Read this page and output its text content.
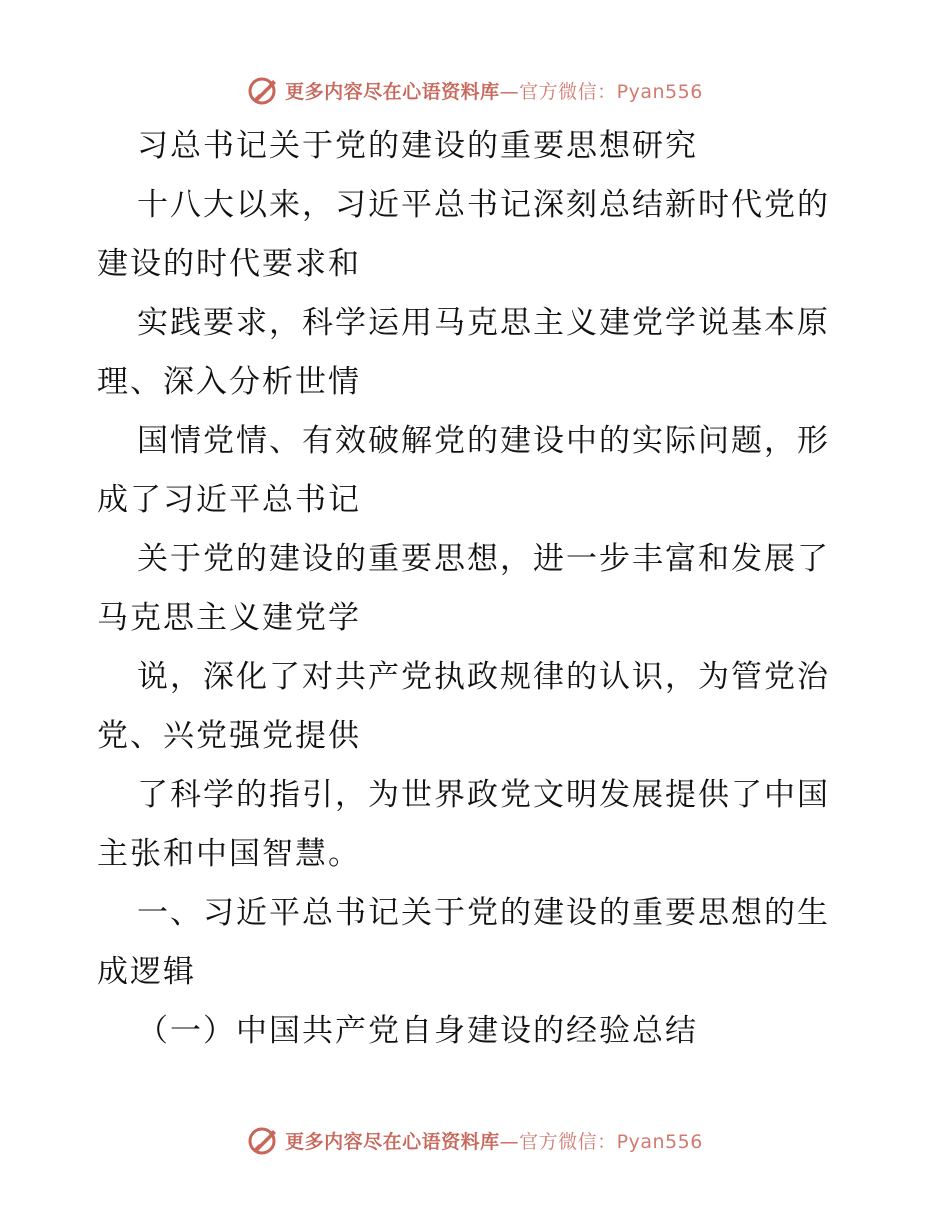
更多内容尽在心语资料库—官方微信：Pyan556
习总书记关于党的建设的重要思想研究
十八大以来，习近平总书记深刻总结新时代党的
建设的时代要求和
实践要求，科学运用马克思主义建党学说基本原
理、深入分析世情
国情党情、有效破解党的建设中的实际问题，形
成了习近平总书记
关于党的建设的重要思想，进一步丰富和发展了
马克思主义建党学
说，深化了对共产党执政规律的认识，为管党治
党、兴党强党提供
了科学的指引，为世界政党文明发展提供了中国
主张和中国智慧。
一、习近平总书记关于党的建设的重要思想的生
成逻辑
（一）中国共产党自身建设的经验总结
更多内容尽在心语资料库—官方微信：Pyan556
